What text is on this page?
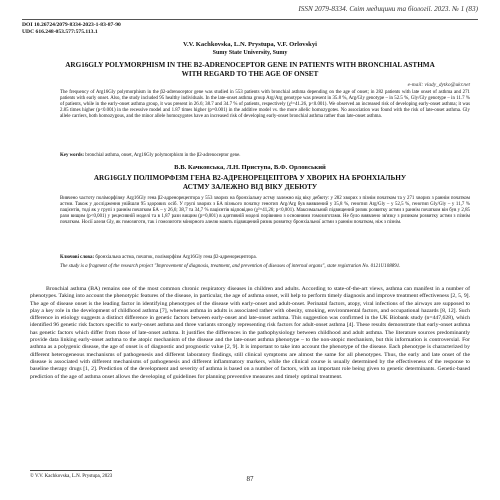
ISSN 2079-8334. Світ медицини та біології. 2023. № 1 (83)
DOI 10.26724/2079-8334-2023-1-83-87-90
UDC 616.248-053.577:575.113.1
V.V. Kachkovska, L.N. Prystupa, V.F. Orlovskyi
Sumy State University, Sumy
ARG16GLY POLYMORPHISM IN THE Β2-ADRENOCEPTOR GENE IN PATIENTS WITH BRONCHIAL ASTHMA WITH REGARD TO THE AGE OF ONSET
e-mail: vlady_dytko@ukr.net
The frequency of Arg16Gly polymorphism in the β2-adrenoceptor gene was studied in 553 patients with bronchial asthma depending on the age of onset; in 282 patients with late onset of asthma and 271 patients with early onset. Also, the study included 95 healthy individuals. In the late-onset asthma group Arg/Arg genotype was present in 35.8 %, Arg/Gly genotype – in 52.5 %, Gly/Gly genotype – in 11.7 % of patients, while in the early-onset asthma group, it was present in 26.6; 38.7 and 34.7 % of patients, respectively (χ²=41.26, p<0.001). We observed an increased risk of developing early-onset asthma; it was 2.85 times higher (p<0.001) in the recessive model and 1.87 times higher (p=0.001) in the additive model vs. the more allelic homozygotes. No association was found with the risk of late-onset asthma. Gly allele carriers, both homozygous, and the minor allele homozygotes have an increased risk of developing early-onset bronchial asthma rather than late-onset asthma.
Key words: bronchial asthma, onset, Arg16Gly polymorphism in the β2-adrenoceptor gene.
В.В. Качковська, Л.Н. Приступа, В.Ф. Орловський
ARG16GLY ПОЛІМОРФІЗМ ГЕНА Β2-АДРЕНОРЕЦЕПТОРА У ХВОРИХ НА БРОНХІАЛЬНУ АСТМУ ЗАЛЕЖНО ВІД ВІКУ ДЕБЮТУ
Вивчено частоту поліморфізму Arg16Gly гена β2-адренорецептора у 553 хворих на бронхіальну астму залежно від віку дебюту: у 282 хворих з пізнім початком та у 271 хворих з раннім початком астми. Також у дослідження увійшли 95 здорових осіб. У групі хворих з БА пізнього початку генотип Arg/Arg був виявлений у 35,8 %, генотип Arg/Gly – у 52,5 %, генотип Gly/Gly – у 11,7 % пацієнтів, тоді як у групі з раннім початком БА – у 26,6; 38,7 та 34,7 % пацієнтів відповідно (χ²=41,26; p<0,001). Максимальний підвищений ризик розвитку астми з раннім початком він був у 2,85 рази вищим (p<0,001) у рецесивній моделі та в 1,87 рази вищим (p=0,001) в адитивній моделі порівняно з основними гомозиготами. Не було виявлено зв'язку з ризиком розвитку астми з пізнім початком. Носії алеля Gly, як гомозиготи, так і гомозиготи мінорного алелю мають підвищений ризик розвитку бронхіальної астми з раннім початком, ніж з пізнім.
Ключові слова: бронхіальна астма, початок, поліморфізм Arg16Gly гена β2-адренорецептора.
The study is a fragment of the research project "Improvement of diagnosis, treatment, and prevention of diseases of internal organs", state registration No. 0121U108891.
Bronchial asthma (BA) remains one of the most common chronic respiratory diseases in children and adults. According to state-of-the-art views, asthma can manifest in a number of phenotypes. Taking into account the phenotypic features of the disease, in particular, the age of asthma onset, will help to perform timely diagnosis and improve treatment effectiveness [2, 5, 9]. The age of disease onset is the leading factor in identifying phenotypes of the disease with early-onset and adult-onset. Perinatal factors, atopy, viral infections of the airways are supposed to play a key role in the development of childhood asthma [7], whereas asthma in adults is associated rather with obesity, smoking, environmental factors, and occupational hazards [8, 12]. Such difference in etiology suggests a distinct difference in genetic factors between early-onset and late-onset asthma. This suggestion was confirmed in the UK Biobank study (n=447,628), which identified 96 genetic risk factors specific to early-onset asthma and three variants strongly representing risk factors for adult-onset asthma [4]. These results demonstrate that early-onset asthma has genetic factors which differ from those of late-onset asthma. It justifies the differences in the pathophysiology between childhood and adult asthma. The literature sources predominantly provide data linking early-onset asthma to the atopic mechanism of the disease and the late-onset asthma phenotype – to the non-atopic mechanism, but this information is controversial. For asthma as a polygenic disease, the age of onset is of diagnostic and prognostic value [2, 9]. It is important to take into account the phenotype of the disease. Each phenotype is characterized by different heterogeneous mechanisms of pathogenesis and different laboratory findings, still clinical symptoms are almost the same for all phenotypes. Thus, the early and late onset of the disease is associated with different mechanisms of pathogenesis and different inflammatory markers, while the clinical course is usually determined by the effectiveness of the response to baseline therapy drugs [1, 2]. Prediction of the development and severity of asthma is based on a number of factors, with an important role being given to genetic determinants. Genetic-based prediction of the age of asthma onset allows the developing of guidelines for planning preventive measures and timely optimal treatment.
© V.V. Kachkovska, L.N. Prystupa, 2023	87
